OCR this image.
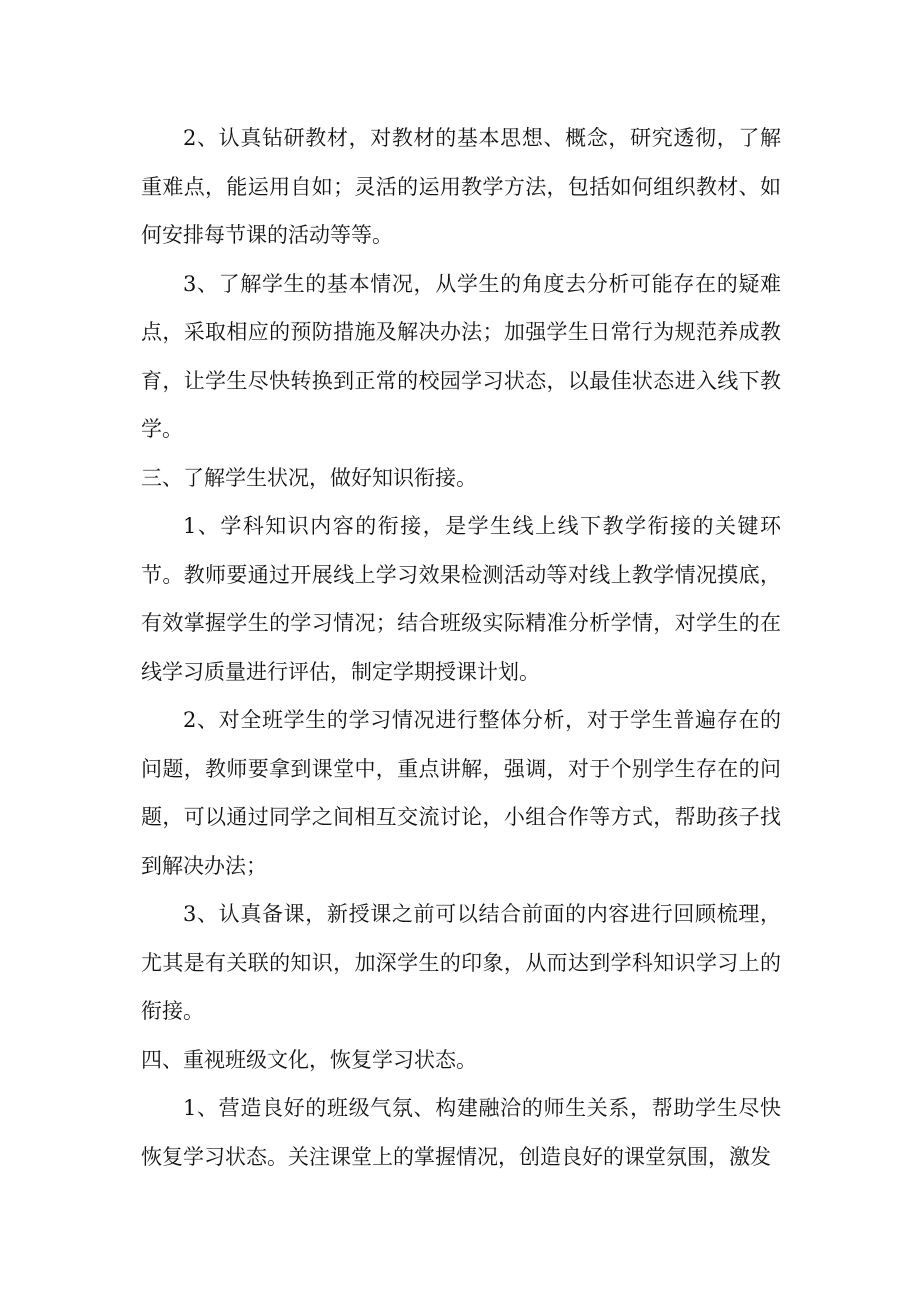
2、认真钻研教材，对教材的基本思想、概念，研究透彻，了解重难点，能运用自如；灵活的运用教学方法，包括如何组织教材、如何安排每节课的活动等等。

3、了解学生的基本情况，从学生的角度去分析可能存在的疑难点，采取相应的预防措施及解决办法；加强学生日常行为规范养成教育，让学生尽快转换到正常的校园学习状态，以最佳状态进入线下教学。

三、了解学生状况，做好知识衔接。

1、学科知识内容的衔接，是学生线上线下教学衔接的关键环节。教师要通过开展线上学习效果检测活动等对线上教学情况摸底，有效掌握学生的学习情况；结合班级实际精准分析学情，对学生的在线学习质量进行评估，制定学期授课计划。

2、对全班学生的学习情况进行整体分析，对于学生普遍存在的问题，教师要拿到课堂中，重点讲解，强调，对于个别学生存在的问题，可以通过同学之间相互交流讨论，小组合作等方式，帮助孩子找到解决办法；

3、认真备课，新授课之前可以结合前面的内容进行回顾梳理，尤其是有关联的知识，加深学生的印象，从而达到学科知识学习上的衔接。

四、重视班级文化，恢复学习状态。

1、营造良好的班级气氛、构建融洽的师生关系，帮助学生尽快恢复学习状态。关注课堂上的掌握情况，创造良好的课堂氛围，激发
